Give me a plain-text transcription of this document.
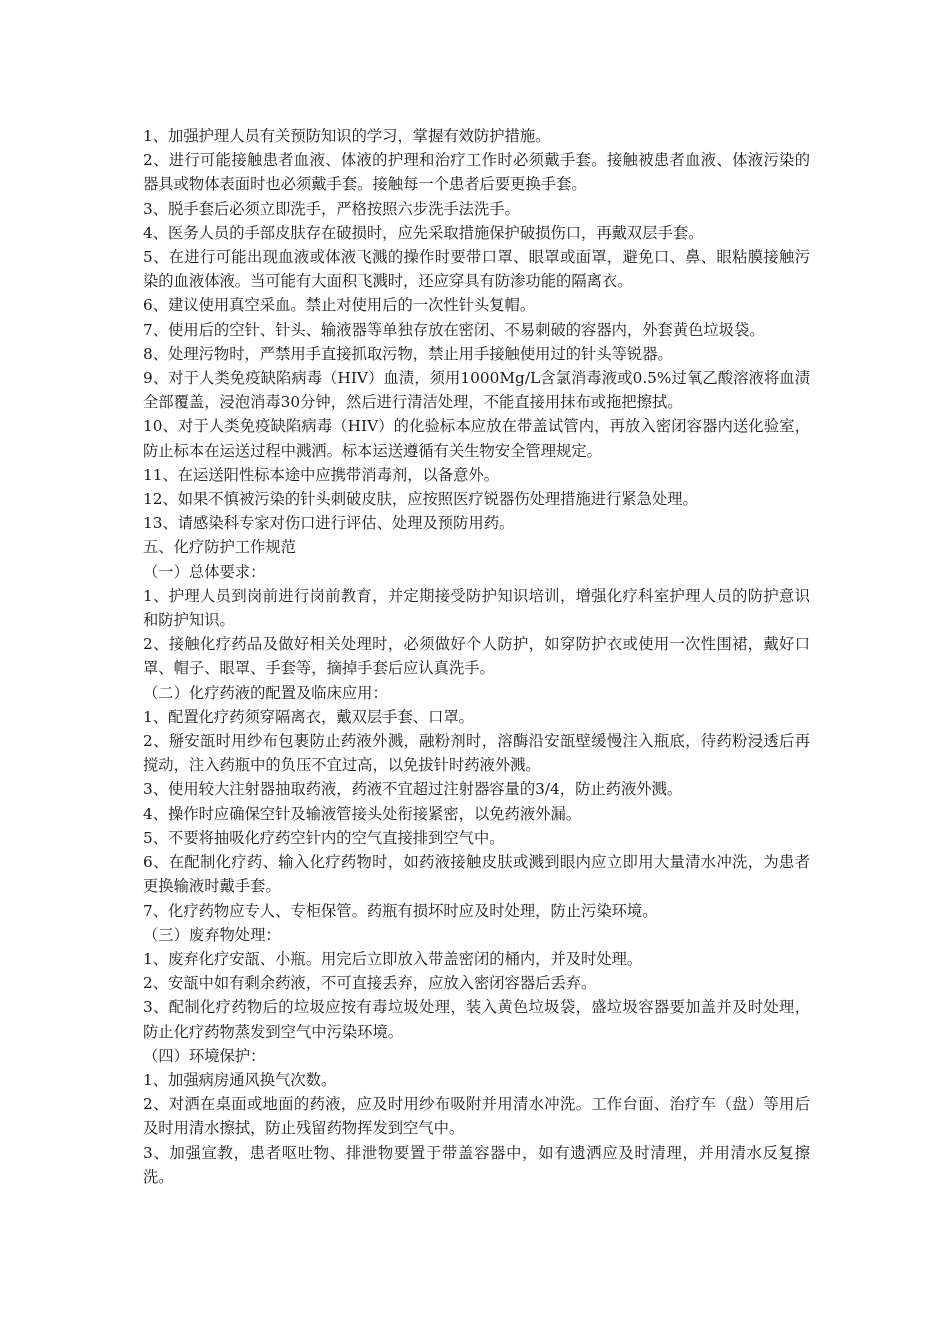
1、加强护理人员有关预防知识的学习，掌握有效防护措施。

2、进行可能接触患者血液、体液的护理和治疗工作时必须戴手套。接触被患者血液、体液污染的器具或物体表面时也必须戴手套。接触每一个患者后要更换手套。

3、脱手套后必须立即洗手，严格按照六步洗手法洗手。

4、医务人员的手部皮肤存在破损时，应先采取措施保护破损伤口，再戴双层手套。

5、在进行可能出现血液或体液飞溅的操作时要带口罩、眼罩或面罩，避免口、鼻、眼粘膜接触污染的血液体液。当可能有大面积飞溅时，还应穿具有防渗功能的隔离衣。

6、建议使用真空采血。禁止对使用后的一次性针头复帽。

7、使用后的空针、针头、输液器等单独存放在密闭、不易刺破的容器内，外套黄色垃圾袋。

8、处理污物时，严禁用手直接抓取污物，禁止用手接触使用过的针头等锐器。

9、对于人类免疫缺陷病毒（HIV）血渍，须用1000Mg/L含氯消毒液或0.5%过氧乙酸溶液将血渍全部覆盖，浸泡消毒30分钟，然后进行清洁处理，不能直接用抹布或拖把擦拭。

10、对于人类免疫缺陷病毒（HIV）的化验标本应放在带盖试管内，再放入密闭容器内送化验室，防止标本在运送过程中溅洒。标本运送遵循有关生物安全管理规定。

11、在运送阳性标本途中应携带消毒剂，以备意外。

12、如果不慎被污染的针头刺破皮肤，应按照医疗锐器伤处理措施进行紧急处理。

13、请感染科专家对伤口进行评估、处理及预防用药。

五、化疗防护工作规范

（一）总体要求：

1、护理人员到岗前进行岗前教育，并定期接受防护知识培训，增强化疗科室护理人员的防护意识和防护知识。

2、接触化疗药品及做好相关处理时，必须做好个人防护，如穿防护衣或使用一次性围裙，戴好口罩、帽子、眼罩、手套等，摘掉手套后应认真洗手。

（二）化疗药液的配置及临床应用：

1、配置化疗药须穿隔离衣，戴双层手套、口罩。

2、掰安瓿时用纱布包裹防止药液外溅，融粉剂时，溶酶沿安瓿壁缓慢注入瓶底，待药粉浸透后再搅动，注入药瓶中的负压不宜过高，以免拔针时药液外溅。

3、使用较大注射器抽取药液，药液不宜超过注射器容量的3/4，防止药液外溅。

4、操作时应确保空针及输液管接头处衔接紧密，以免药液外漏。

5、不要将抽吸化疗药空针内的空气直接排到空气中。

6、在配制化疗药、输入化疗药物时，如药液接触皮肤或溅到眼内应立即用大量清水冲洗，为患者更换输液时戴手套。

7、化疗药物应专人、专柜保管。药瓶有损坏时应及时处理，防止污染环境。

（三）废弃物处理：

1、废弃化疗安瓿、小瓶。用完后立即放入带盖密闭的桶内，并及时处理。

2、安瓿中如有剩余药液，不可直接丢弃，应放入密闭容器后丢弃。

3、配制化疗药物后的垃圾应按有毒垃圾处理，装入黄色垃圾袋，盛垃圾容器要加盖并及时处理，防止化疗药物蒸发到空气中污染环境。

（四）环境保护：

1、加强病房通风换气次数。

2、对洒在桌面或地面的药液，应及时用纱布吸附并用清水冲洗。工作台面、治疗车（盘）等用后及时用清水擦拭，防止残留药物挥发到空气中。

3、加强宣教，患者呕吐物、排泄物要置于带盖容器中，如有遗洒应及时清理，并用清水反复擦洗。
